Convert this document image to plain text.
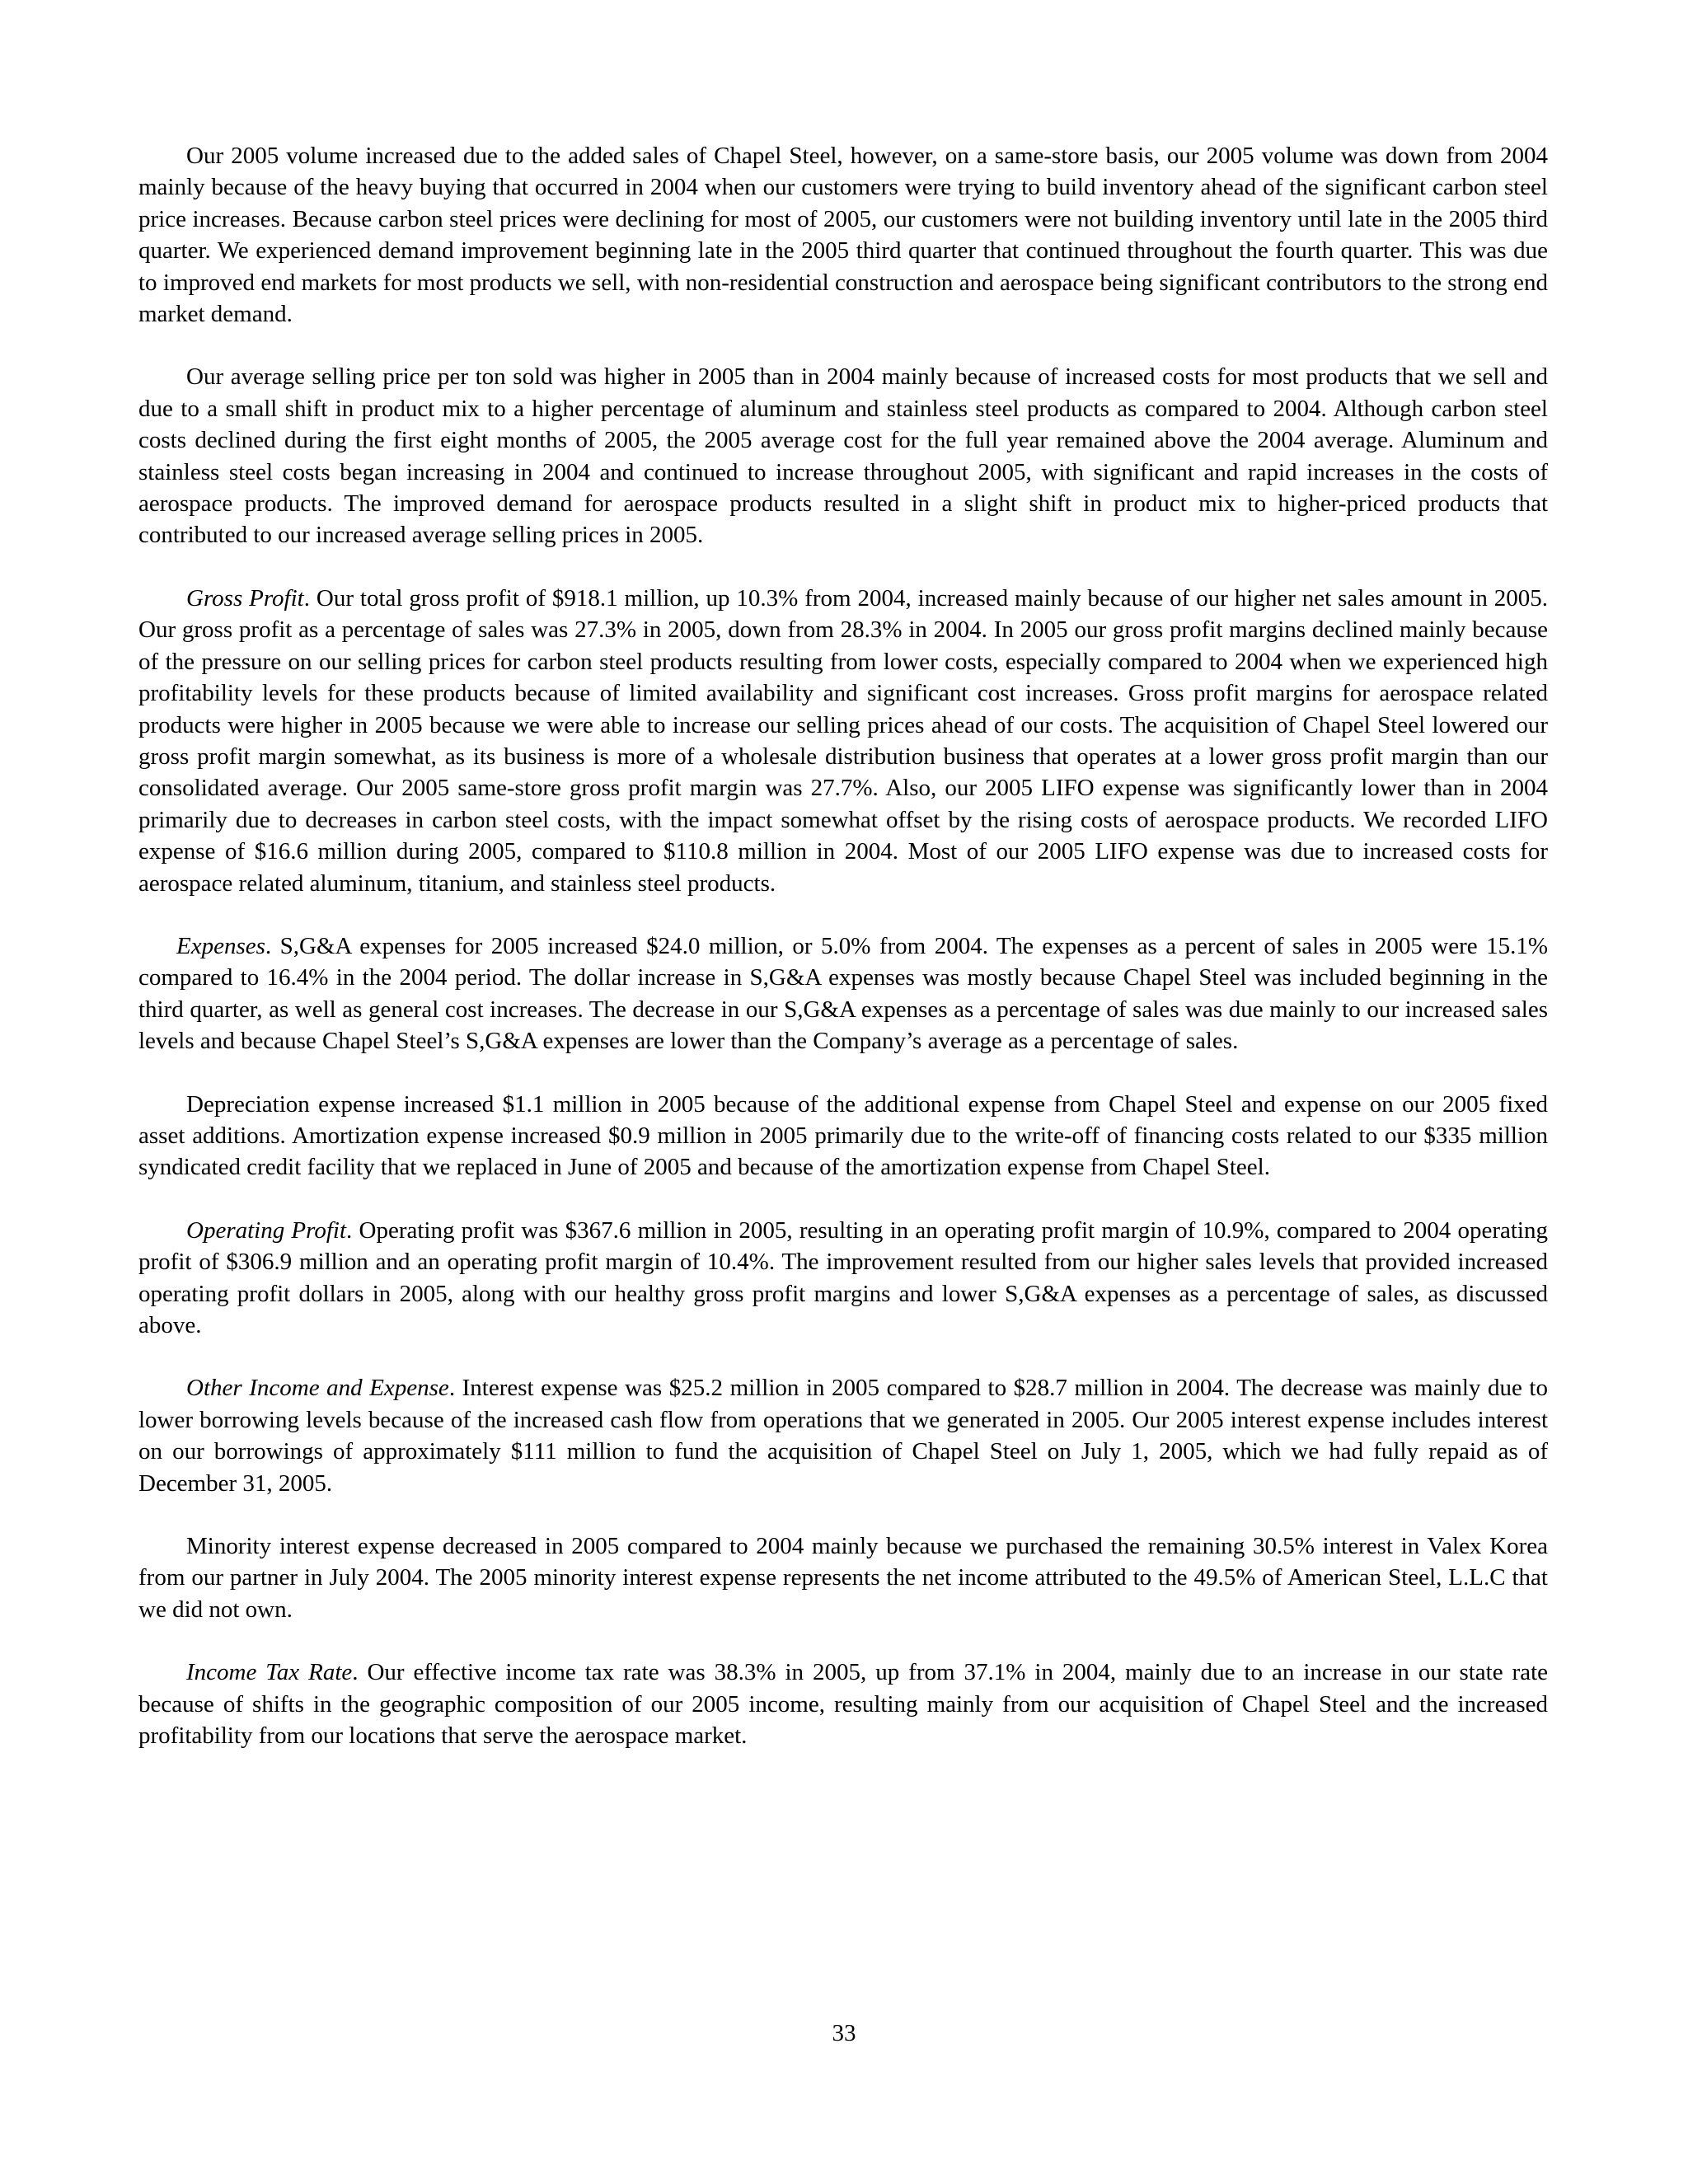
Our 2005 volume increased due to the added sales of Chapel Steel, however, on a same-store basis, our 2005 volume was down from 2004 mainly because of the heavy buying that occurred in 2004 when our customers were trying to build inventory ahead of the significant carbon steel price increases. Because carbon steel prices were declining for most of 2005, our customers were not building inventory until late in the 2005 third quarter. We experienced demand improvement beginning late in the 2005 third quarter that continued throughout the fourth quarter. This was due to improved end markets for most products we sell, with non-residential construction and aerospace being significant contributors to the strong end market demand.

Our average selling price per ton sold was higher in 2005 than in 2004 mainly because of increased costs for most products that we sell and due to a small shift in product mix to a higher percentage of aluminum and stainless steel products as compared to 2004. Although carbon steel costs declined during the first eight months of 2005, the 2005 average cost for the full year remained above the 2004 average. Aluminum and stainless steel costs began increasing in 2004 and continued to increase throughout 2005, with significant and rapid increases in the costs of aerospace products. The improved demand for aerospace products resulted in a slight shift in product mix to higher-priced products that contributed to our increased average selling prices in 2005.

Gross Profit. Our total gross profit of $918.1 million, up 10.3% from 2004, increased mainly because of our higher net sales amount in 2005. Our gross profit as a percentage of sales was 27.3% in 2005, down from 28.3% in 2004. In 2005 our gross profit margins declined mainly because of the pressure on our selling prices for carbon steel products resulting from lower costs, especially compared to 2004 when we experienced high profitability levels for these products because of limited availability and significant cost increases. Gross profit margins for aerospace related products were higher in 2005 because we were able to increase our selling prices ahead of our costs. The acquisition of Chapel Steel lowered our gross profit margin somewhat, as its business is more of a wholesale distribution business that operates at a lower gross profit margin than our consolidated average. Our 2005 same-store gross profit margin was 27.7%. Also, our 2005 LIFO expense was significantly lower than in 2004 primarily due to decreases in carbon steel costs, with the impact somewhat offset by the rising costs of aerospace products. We recorded LIFO expense of $16.6 million during 2005, compared to $110.8 million in 2004. Most of our 2005 LIFO expense was due to increased costs for aerospace related aluminum, titanium, and stainless steel products.

Expenses. S,G&A expenses for 2005 increased $24.0 million, or 5.0% from 2004. The expenses as a percent of sales in 2005 were 15.1% compared to 16.4% in the 2004 period. The dollar increase in S,G&A expenses was mostly because Chapel Steel was included beginning in the third quarter, as well as general cost increases. The decrease in our S,G&A expenses as a percentage of sales was due mainly to our increased sales levels and because Chapel Steel’s S,G&A expenses are lower than the Company’s average as a percentage of sales.

Depreciation expense increased $1.1 million in 2005 because of the additional expense from Chapel Steel and expense on our 2005 fixed asset additions. Amortization expense increased $0.9 million in 2005 primarily due to the write-off of financing costs related to our $335 million syndicated credit facility that we replaced in June of 2005 and because of the amortization expense from Chapel Steel.

Operating Profit. Operating profit was $367.6 million in 2005, resulting in an operating profit margin of 10.9%, compared to 2004 operating profit of $306.9 million and an operating profit margin of 10.4%. The improvement resulted from our higher sales levels that provided increased operating profit dollars in 2005, along with our healthy gross profit margins and lower S,G&A expenses as a percentage of sales, as discussed above.

Other Income and Expense. Interest expense was $25.2 million in 2005 compared to $28.7 million in 2004. The decrease was mainly due to lower borrowing levels because of the increased cash flow from operations that we generated in 2005. Our 2005 interest expense includes interest on our borrowings of approximately $111 million to fund the acquisition of Chapel Steel on July 1, 2005, which we had fully repaid as of December 31, 2005.

Minority interest expense decreased in 2005 compared to 2004 mainly because we purchased the remaining 30.5% interest in Valex Korea from our partner in July 2004. The 2005 minority interest expense represents the net income attributed to the 49.5% of American Steel, L.L.C that we did not own.

Income Tax Rate. Our effective income tax rate was 38.3% in 2005, up from 37.1% in 2004, mainly due to an increase in our state rate because of shifts in the geographic composition of our 2005 income, resulting mainly from our acquisition of Chapel Steel and the increased profitability from our locations that serve the aerospace market.

33
